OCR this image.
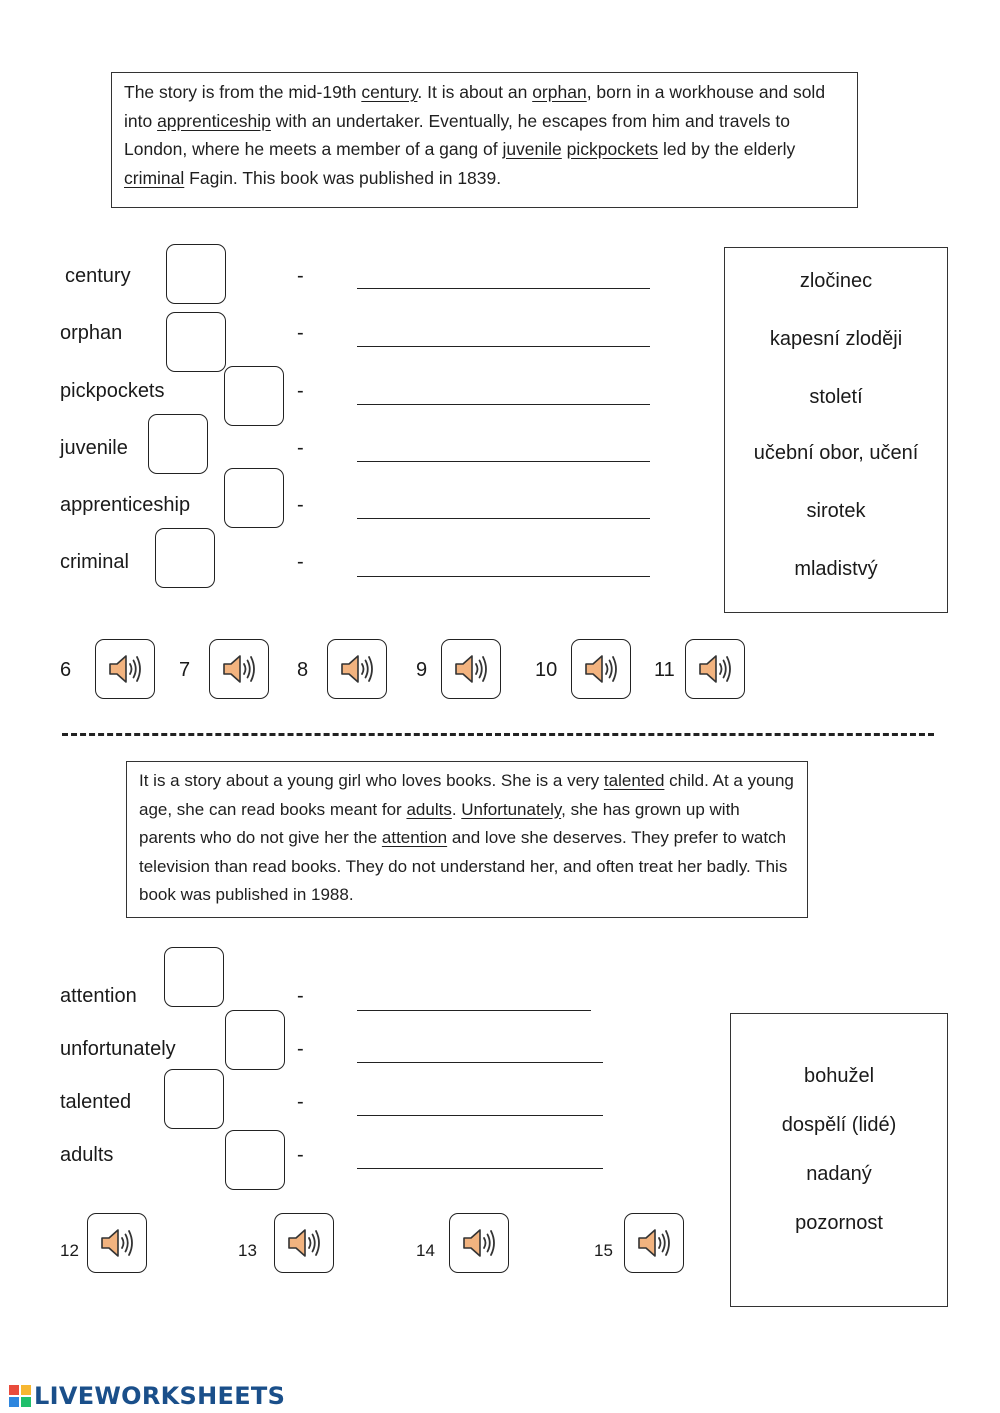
The story is from the mid-19th century. It is about an orphan, born in a workhouse and sold into apprenticeship with an undertaker. Eventually, he escapes from him and travels to London, where he meets a member of a gang of juvenile pickpockets led by the elderly criminal Fagin. This book was published in 1839.
century	-
orphan	-
pickpockets	-
juvenile	-
apprenticeship	-
criminal	-
zločinec
kapesní zloději
století
učební obor, učení
sirotek
mladistvý
6	7	8	9	10	11
It is a story about a young girl who loves books. She is a very talented child. At a young age, she can read books meant for adults. Unfortunately, she has grown up with parents who do not give her the attention and love she deserves. They prefer to watch television than read books. They do not understand her, and often treat her badly. This book was published in 1988.
attention	-
unfortunately	-
talented	-
adults	-
bohužel
dospělí (lidé)
nadaný
pozornost
12	13	14	15
LIVEWORKSHEETS
